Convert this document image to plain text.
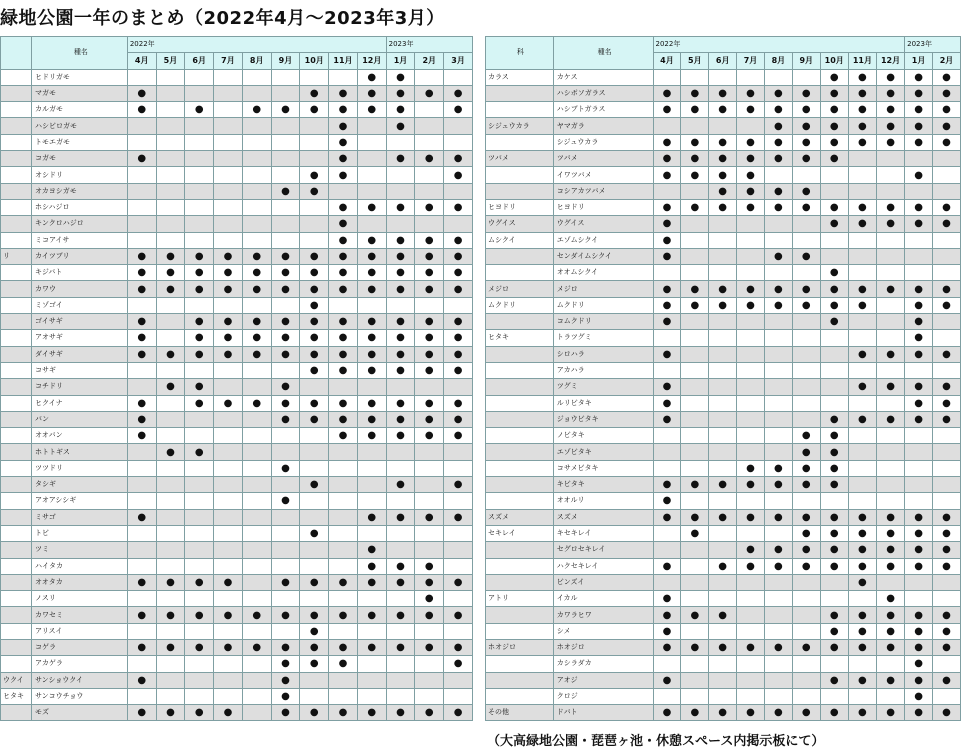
緑地公園一年のまとめ（2022年4月〜2023年3月）
	種名	2022年									2023年		
		4月	5月	6月	7月	8月	9月	10月	11月	12月	1月	2月	3月
	ヒドリガモ									●	●		
	マガモ	●						●	●	●	●	●	●
	カルガモ	●		●		●	●	●	●	●	●		●
	ハシビロガモ								●		●		
	トモエガモ								●				
	コガモ	●							●		●	●	●
	オシドリ							●	●				●
	オカヨシガモ						●	●					
	ホシハジロ								●	●	●	●	●
	キンクロハジロ								●				
	ミコアイサ								●	●	●	●	●
リ	カイツブリ	●	●	●	●	●	●	●	●	●	●	●	●
	キジバト	●	●	●	●	●	●	●	●	●	●	●	●
	カワウ	●	●	●	●	●	●	●	●	●	●	●	●
	ミゾゴイ							●					
	ゴイサギ	●		●	●	●	●	●	●	●	●	●	●
	アオサギ	●		●	●	●	●	●	●	●	●	●	●
	ダイサギ	●	●	●	●	●	●	●	●	●	●	●	●
	コサギ							●	●	●	●	●	●
	コチドリ		●	●			●						
	ヒクイナ	●		●	●	●	●	●	●	●	●	●	●
	バン	●					●	●	●	●	●	●	●
	オオバン	●							●	●	●	●	●
	ホトトギス		●	●									
	ツツドリ						●						
	タシギ							●			●		●
	アオアシシギ						●						
	ミサゴ	●								●	●	●	●
	トビ							●					
	ツミ									●			
	ハイタカ									●	●	●	
	オオタカ	●	●	●	●		●	●	●	●	●	●	●
	ノスリ											●	
	カワセミ	●	●	●	●	●	●	●	●	●	●	●	●
	アリスイ							●					
	コゲラ	●	●	●	●	●	●	●	●	●	●	●	●
	アカゲラ						●	●	●				●
ウクイ	サンショウクイ	●					●						
ヒタキ	サンコウチョウ						●						
	モズ	●	●	●	●		●	●	●	●	●	●	●
科	種名	2022年									2023年	
		4月	5月	6月	7月	8月	9月	10月	11月	12月	1月	2月
カラス	カケス							●	●	●	●	●
	ハシボソガラス	●	●	●	●	●	●	●	●	●	●	●
	ハシブトガラス	●	●	●	●	●	●	●	●	●	●	●
シジュウカラ	ヤマガラ					●	●	●	●	●	●	●
	シジュウカラ	●	●	●	●	●	●	●	●	●	●	●
ツバメ	ツバメ	●	●	●	●	●	●	●				
	イワツバメ	●	●	●	●						●	
	コシアカツバメ			●	●	●	●					
ヒヨドリ	ヒヨドリ	●	●	●	●	●	●	●	●	●	●	●
ウグイス	ウグイス	●						●	●	●	●	●
ムシクイ	エゾムシクイ	●										
	センダイムシクイ	●				●	●					
	オオムシクイ							●				
メジロ	メジロ	●	●	●	●	●	●	●	●	●	●	●
ムクドリ	ムクドリ	●	●	●	●	●	●	●	●		●	●
	コムクドリ	●						●			●	
ヒタキ	トラツグミ										●	
	シロハラ	●							●	●	●	●
	アカハラ											
	ツグミ	●							●	●	●	●
	ルリビタキ	●									●	●
	ジョウビタキ	●						●	●	●	●	●
	ノビタキ						●	●				
	エゾビタキ						●	●				
	コサメビタキ				●	●	●	●				
	キビタキ	●	●	●	●	●	●	●				
	オオルリ	●										
スズメ	スズメ	●	●	●	●	●	●	●	●	●	●	●
セキレイ	キセキレイ		●				●	●	●	●	●	●
	セグロセキレイ				●	●	●	●	●	●	●	●
	ハクセキレイ	●		●	●	●	●	●	●	●	●	●
	ビンズイ								●			
アトリ	イカル	●								●		
	カワラヒワ	●	●	●				●	●	●	●	●
	シメ	●						●	●	●	●	●
ホオジロ	ホオジロ	●	●	●	●	●	●	●	●	●	●	●
	カシラダカ										●	
	アオジ	●						●	●	●	●	●
	クロジ										●	
その他	ドバト	●	●	●	●	●	●	●	●	●	●	●
（大高緑地公園・琵琶ヶ池・休憩スペース内掲示板にて）
